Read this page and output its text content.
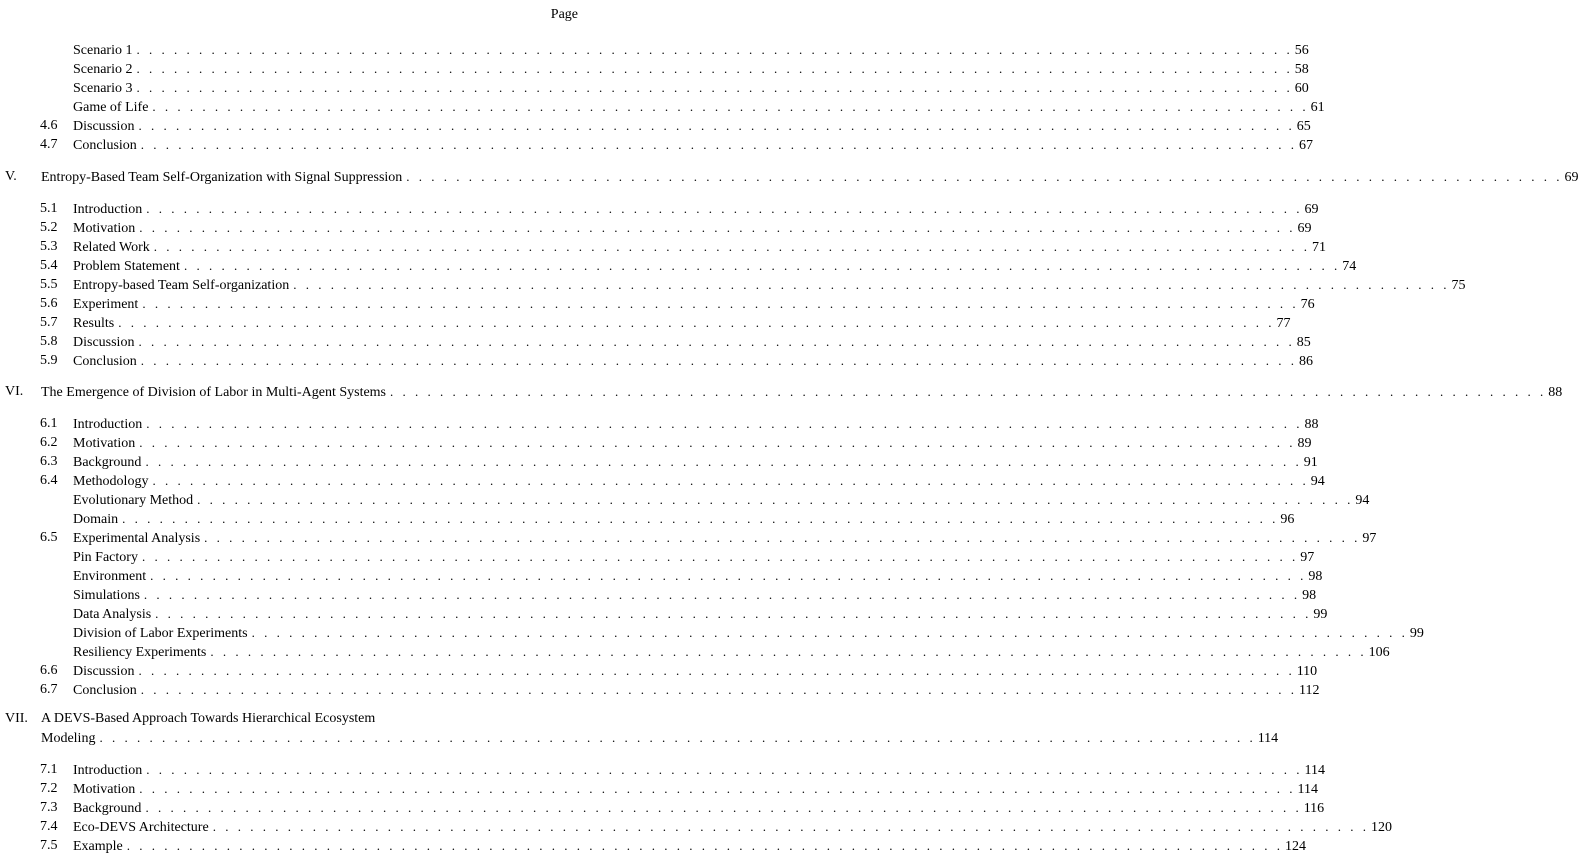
Page
Scenario 1 . . . . . . . . . . . . . . . . . . . . . . . . . . . . . . . . . . . . . . . . . . . . . . . . . . . . . . . . . . . . . . . . . . . . . . . . . . . . . . . . . . . . . . . . . . . . . 56
Scenario 2 . . . . . . . . . . . . . . . . . . . . . . . . . . . . . . . . . . . . . . . . . . . . . . . . . . . . . . . . . . . . . . . . . . . . . . . . . . . . . . . . . . . . . . . . . . . . . 58
Scenario 3 . . . . . . . . . . . . . . . . . . . . . . . . . . . . . . . . . . . . . . . . . . . . . . . . . . . . . . . . . . . . . . . . . . . . . . . . . . . . . . . . . . . . . . . . . . . . . 60
Game of Life . . . . . . . . . . . . . . . . . . . . . . . . . . . . . . . . . . . . . . . . . . . . . . . . . . . . . . . . . . . . . . . . . . . . . . . . . . . . . . . . . . . . . . . . . . . . . 61
4.6 Discussion . . . . . . . . . . . . . . . . . . . . . . . . . . . . . . . . . . . . . . . . . . . . . . . . . . . . . . . . . . . . . . . . . . . . . . . . . . . . . . . . . . . . . . . . . . . . . 65
4.7 Conclusion . . . . . . . . . . . . . . . . . . . . . . . . . . . . . . . . . . . . . . . . . . . . . . . . . . . . . . . . . . . . . . . . . . . . . . . . . . . . . . . . . . . . . . . . . . . . . 67
V. Entropy-Based Team Self-Organization with Signal Suppression . . . . . . . . . . . . . . . . . . . . . . . . . . . . . . . . . . . . . . . . . . . . . . . . . . . . . . . . . . . . . . . . . . . . . . . . . . . . . . . . . . . . . . . . . . . . . 69
5.1 Introduction . . . . . . . . . . . . . . . . . . . . . . . . . . . . . . . . . . . . . . . . . . . . . . . . . . . . . . . . . . . . . . . . . . . . . . . . . . . . . . . . . . . . . . . . . . . . . 69
5.2 Motivation . . . . . . . . . . . . . . . . . . . . . . . . . . . . . . . . . . . . . . . . . . . . . . . . . . . . . . . . . . . . . . . . . . . . . . . . . . . . . . . . . . . . . . . . . . . . . 69
5.3 Related Work . . . . . . . . . . . . . . . . . . . . . . . . . . . . . . . . . . . . . . . . . . . . . . . . . . . . . . . . . . . . . . . . . . . . . . . . . . . . . . . . . . . . . . . . . . . . . 71
5.4 Problem Statement . . . . . . . . . . . . . . . . . . . . . . . . . . . . . . . . . . . . . . . . . . . . . . . . . . . . . . . . . . . . . . . . . . . . . . . . . . . . . . . . . . . . . . . . . . . . . 74
5.5 Entropy-based Team Self-organization . . . . . . . . . . . . . . . . . . . . . . . . . . . . . . . . . . . . . . . . . . . . . . . . . . . . . . . . . . . . . . . . . . . . . . . . . . . . . . . . . . . . . . . . . . . . . 75
5.6 Experiment . . . . . . . . . . . . . . . . . . . . . . . . . . . . . . . . . . . . . . . . . . . . . . . . . . . . . . . . . . . . . . . . . . . . . . . . . . . . . . . . . . . . . . . . . . . . . 76
5.7 Results . . . . . . . . . . . . . . . . . . . . . . . . . . . . . . . . . . . . . . . . . . . . . . . . . . . . . . . . . . . . . . . . . . . . . . . . . . . . . . . . . . . . . . . . . . . . . 77
5.8 Discussion . . . . . . . . . . . . . . . . . . . . . . . . . . . . . . . . . . . . . . . . . . . . . . . . . . . . . . . . . . . . . . . . . . . . . . . . . . . . . . . . . . . . . . . . . . . . . 85
5.9 Conclusion . . . . . . . . . . . . . . . . . . . . . . . . . . . . . . . . . . . . . . . . . . . . . . . . . . . . . . . . . . . . . . . . . . . . . . . . . . . . . . . . . . . . . . . . . . . . . 86
VI. The Emergence of Division of Labor in Multi-Agent Systems . . . . . . . . . . . . . . . . . . . . . . . . . . . . . . . . . . . . . . . . . . . . . . . . . . . . . . . . . . . . . . . . . . . . . . . . . . . . . . . . . . . . . . . . . . . . . 88
6.1 Introduction . . . . . . . . . . . . . . . . . . . . . . . . . . . . . . . . . . . . . . . . . . . . . . . . . . . . . . . . . . . . . . . . . . . . . . . . . . . . . . . . . . . . . . . . . . . . . 88
6.2 Motivation . . . . . . . . . . . . . . . . . . . . . . . . . . . . . . . . . . . . . . . . . . . . . . . . . . . . . . . . . . . . . . . . . . . . . . . . . . . . . . . . . . . . . . . . . . . . . 89
6.3 Background . . . . . . . . . . . . . . . . . . . . . . . . . . . . . . . . . . . . . . . . . . . . . . . . . . . . . . . . . . . . . . . . . . . . . . . . . . . . . . . . . . . . . . . . . . . . . 91
6.4 Methodology . . . . . . . . . . . . . . . . . . . . . . . . . . . . . . . . . . . . . . . . . . . . . . . . . . . . . . . . . . . . . . . . . . . . . . . . . . . . . . . . . . . . . . . . . . . . . 94
Evolutionary Method . . . . . . . . . . . . . . . . . . . . . . . . . . . . . . . . . . . . . . . . . . . . . . . . . . . . . . . . . . . . . . . . . . . . . . . . . . . . . . . . . . . . . . . . . . . . . 94
Domain . . . . . . . . . . . . . . . . . . . . . . . . . . . . . . . . . . . . . . . . . . . . . . . . . . . . . . . . . . . . . . . . . . . . . . . . . . . . . . . . . . . . . . . . . . . . . 96
6.5 Experimental Analysis . . . . . . . . . . . . . . . . . . . . . . . . . . . . . . . . . . . . . . . . . . . . . . . . . . . . . . . . . . . . . . . . . . . . . . . . . . . . . . . . . . . . . . . . . . . . . 97
Pin Factory . . . . . . . . . . . . . . . . . . . . . . . . . . . . . . . . . . . . . . . . . . . . . . . . . . . . . . . . . . . . . . . . . . . . . . . . . . . . . . . . . . . . . . . . . . . . . 97
Environment . . . . . . . . . . . . . . . . . . . . . . . . . . . . . . . . . . . . . . . . . . . . . . . . . . . . . . . . . . . . . . . . . . . . . . . . . . . . . . . . . . . . . . . . . . . . . 98
Simulations . . . . . . . . . . . . . . . . . . . . . . . . . . . . . . . . . . . . . . . . . . . . . . . . . . . . . . . . . . . . . . . . . . . . . . . . . . . . . . . . . . . . . . . . . . . . . 98
Data Analysis . . . . . . . . . . . . . . . . . . . . . . . . . . . . . . . . . . . . . . . . . . . . . . . . . . . . . . . . . . . . . . . . . . . . . . . . . . . . . . . . . . . . . . . . . . . . . 99
Division of Labor Experiments . . . . . . . . . . . . . . . . . . . . . . . . . . . . . . . . . . . . . . . . . . . . . . . . . . . . . . . . . . . . . . . . . . . . . . . . . . . . . . . . . . . . . . . . . . . . . 99
Resiliency Experiments . . . . . . . . . . . . . . . . . . . . . . . . . . . . . . . . . . . . . . . . . . . . . . . . . . . . . . . . . . . . . . . . . . . . . . . . . . . . . . . . . . . . . . . . . . . . . 106
6.6 Discussion . . . . . . . . . . . . . . . . . . . . . . . . . . . . . . . . . . . . . . . . . . . . . . . . . . . . . . . . . . . . . . . . . . . . . . . . . . . . . . . . . . . . . . . . . . . . . 110
6.7 Conclusion . . . . . . . . . . . . . . . . . . . . . . . . . . . . . . . . . . . . . . . . . . . . . . . . . . . . . . . . . . . . . . . . . . . . . . . . . . . . . . . . . . . . . . . . . . . . . 112
VII. A DEVS-Based Approach Towards Hierarchical Ecosystem
Modeling . . . . . . . . . . . . . . . . . . . . . . . . . . . . . . . . . . . . . . . . . . . . . . . . . . . . . . . . . . . . . . . . . . . . . . . . . . . . . . . . . . . . . . . . . . . . . 114
7.1 Introduction . . . . . . . . . . . . . . . . . . . . . . . . . . . . . . . . . . . . . . . . . . . . . . . . . . . . . . . . . . . . . . . . . . . . . . . . . . . . . . . . . . . . . . . . . . . . . 114
7.2 Motivation . . . . . . . . . . . . . . . . . . . . . . . . . . . . . . . . . . . . . . . . . . . . . . . . . . . . . . . . . . . . . . . . . . . . . . . . . . . . . . . . . . . . . . . . . . . . . 114
7.3 Background . . . . . . . . . . . . . . . . . . . . . . . . . . . . . . . . . . . . . . . . . . . . . . . . . . . . . . . . . . . . . . . . . . . . . . . . . . . . . . . . . . . . . . . . . . . . . 116
7.4 Eco-DEVS Architecture . . . . . . . . . . . . . . . . . . . . . . . . . . . . . . . . . . . . . . . . . . . . . . . . . . . . . . . . . . . . . . . . . . . . . . . . . . . . . . . . . . . . . . . . . . . . . 120
7.5 Example . . . . . . . . . . . . . . . . . . . . . . . . . . . . . . . . . . . . . . . . . . . . . . . . . . . . . . . . . . . . . . . . . . . . . . . . . . . . . . . . . . . . . . . . . . . . . 124
